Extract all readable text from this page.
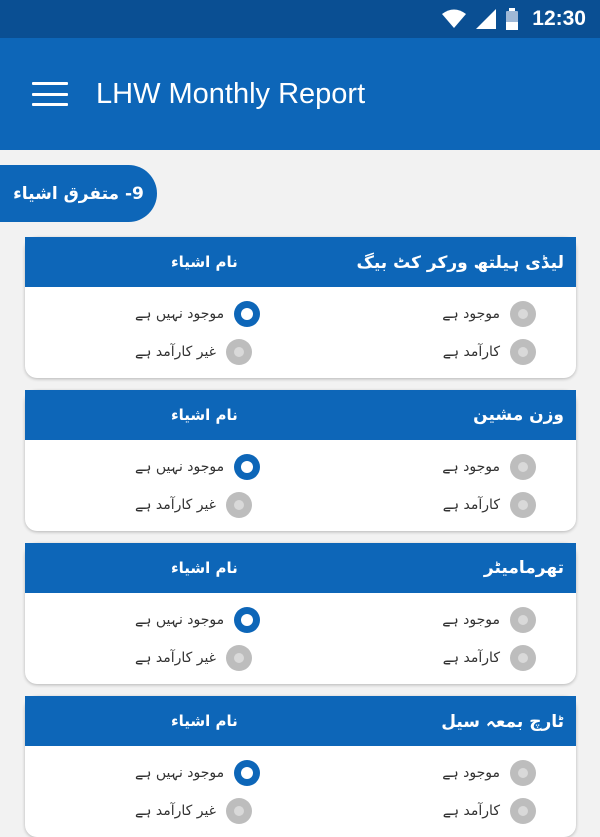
12:30
LHW Monthly Report
9- متفرق اشیاء
نام اشیاء	لیڈی ہیلتھ ورکر کٹ بیگ
موجود ہے
کارآمد ہے
موجود نہیں ہے
غیر کارآمد ہے
نام اشیاء	وزن مشین
موجود ہے
کارآمد ہے
موجود نہیں ہے
غیر کارآمد ہے
نام اشیاء	تھرمامیٹر
موجود ہے
کارآمد ہے
موجود نہیں ہے
غیر کارآمد ہے
نام اشیاء	ٹارچ بمعہ سیل
موجود ہے
کارآمد ہے
موجود نہیں ہے
غیر کارآمد ہے
